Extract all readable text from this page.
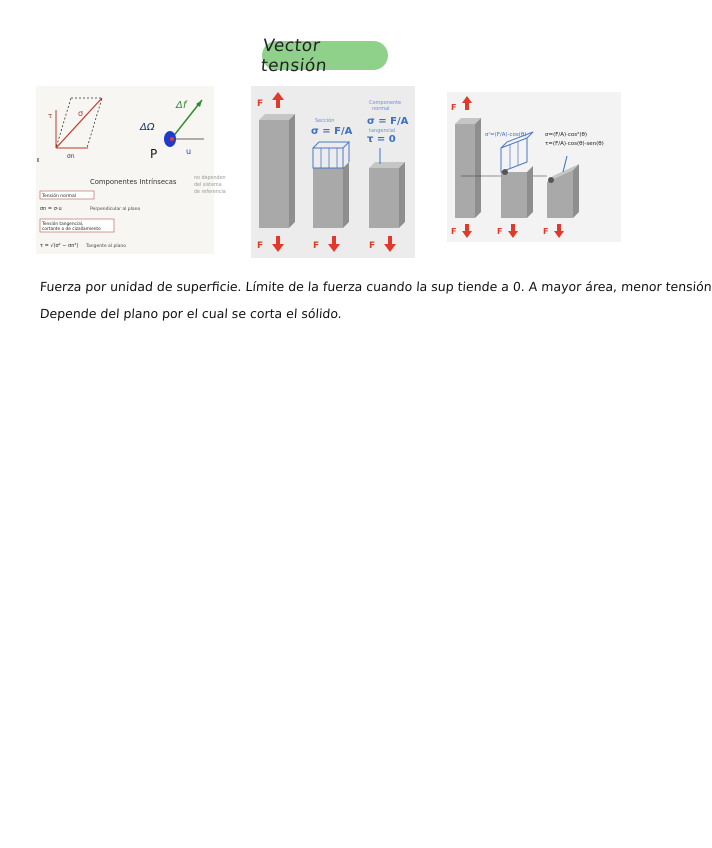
Vector tensión
τ	σ
σn
ΔΩ
Δf
P	u
Componentes Intrínsecas	no dependen del sistema de referencia
Tensión normal
σn = σ·u	Perpendicular al plano
Tensión tangencial, cortante o de cizallamiento
τ = √(σ² − σn²) Tangente al plano
F
F
Sección
σ = F/A
F
Componente normal
σ = F/A
tangencial
τ = 0
F
F
F
σ'=(F/A)·cos(θ)
F
σ=(F/A)·cos²(θ)
τ=(F/A)·cos(θ)·sen(θ)
F
Fuerza por unidad de superficie. Límite de la fuerza cuando la sup tiende a 0. A mayor área, menor tensión
Depende del plano por el cual se corta el sólido.
